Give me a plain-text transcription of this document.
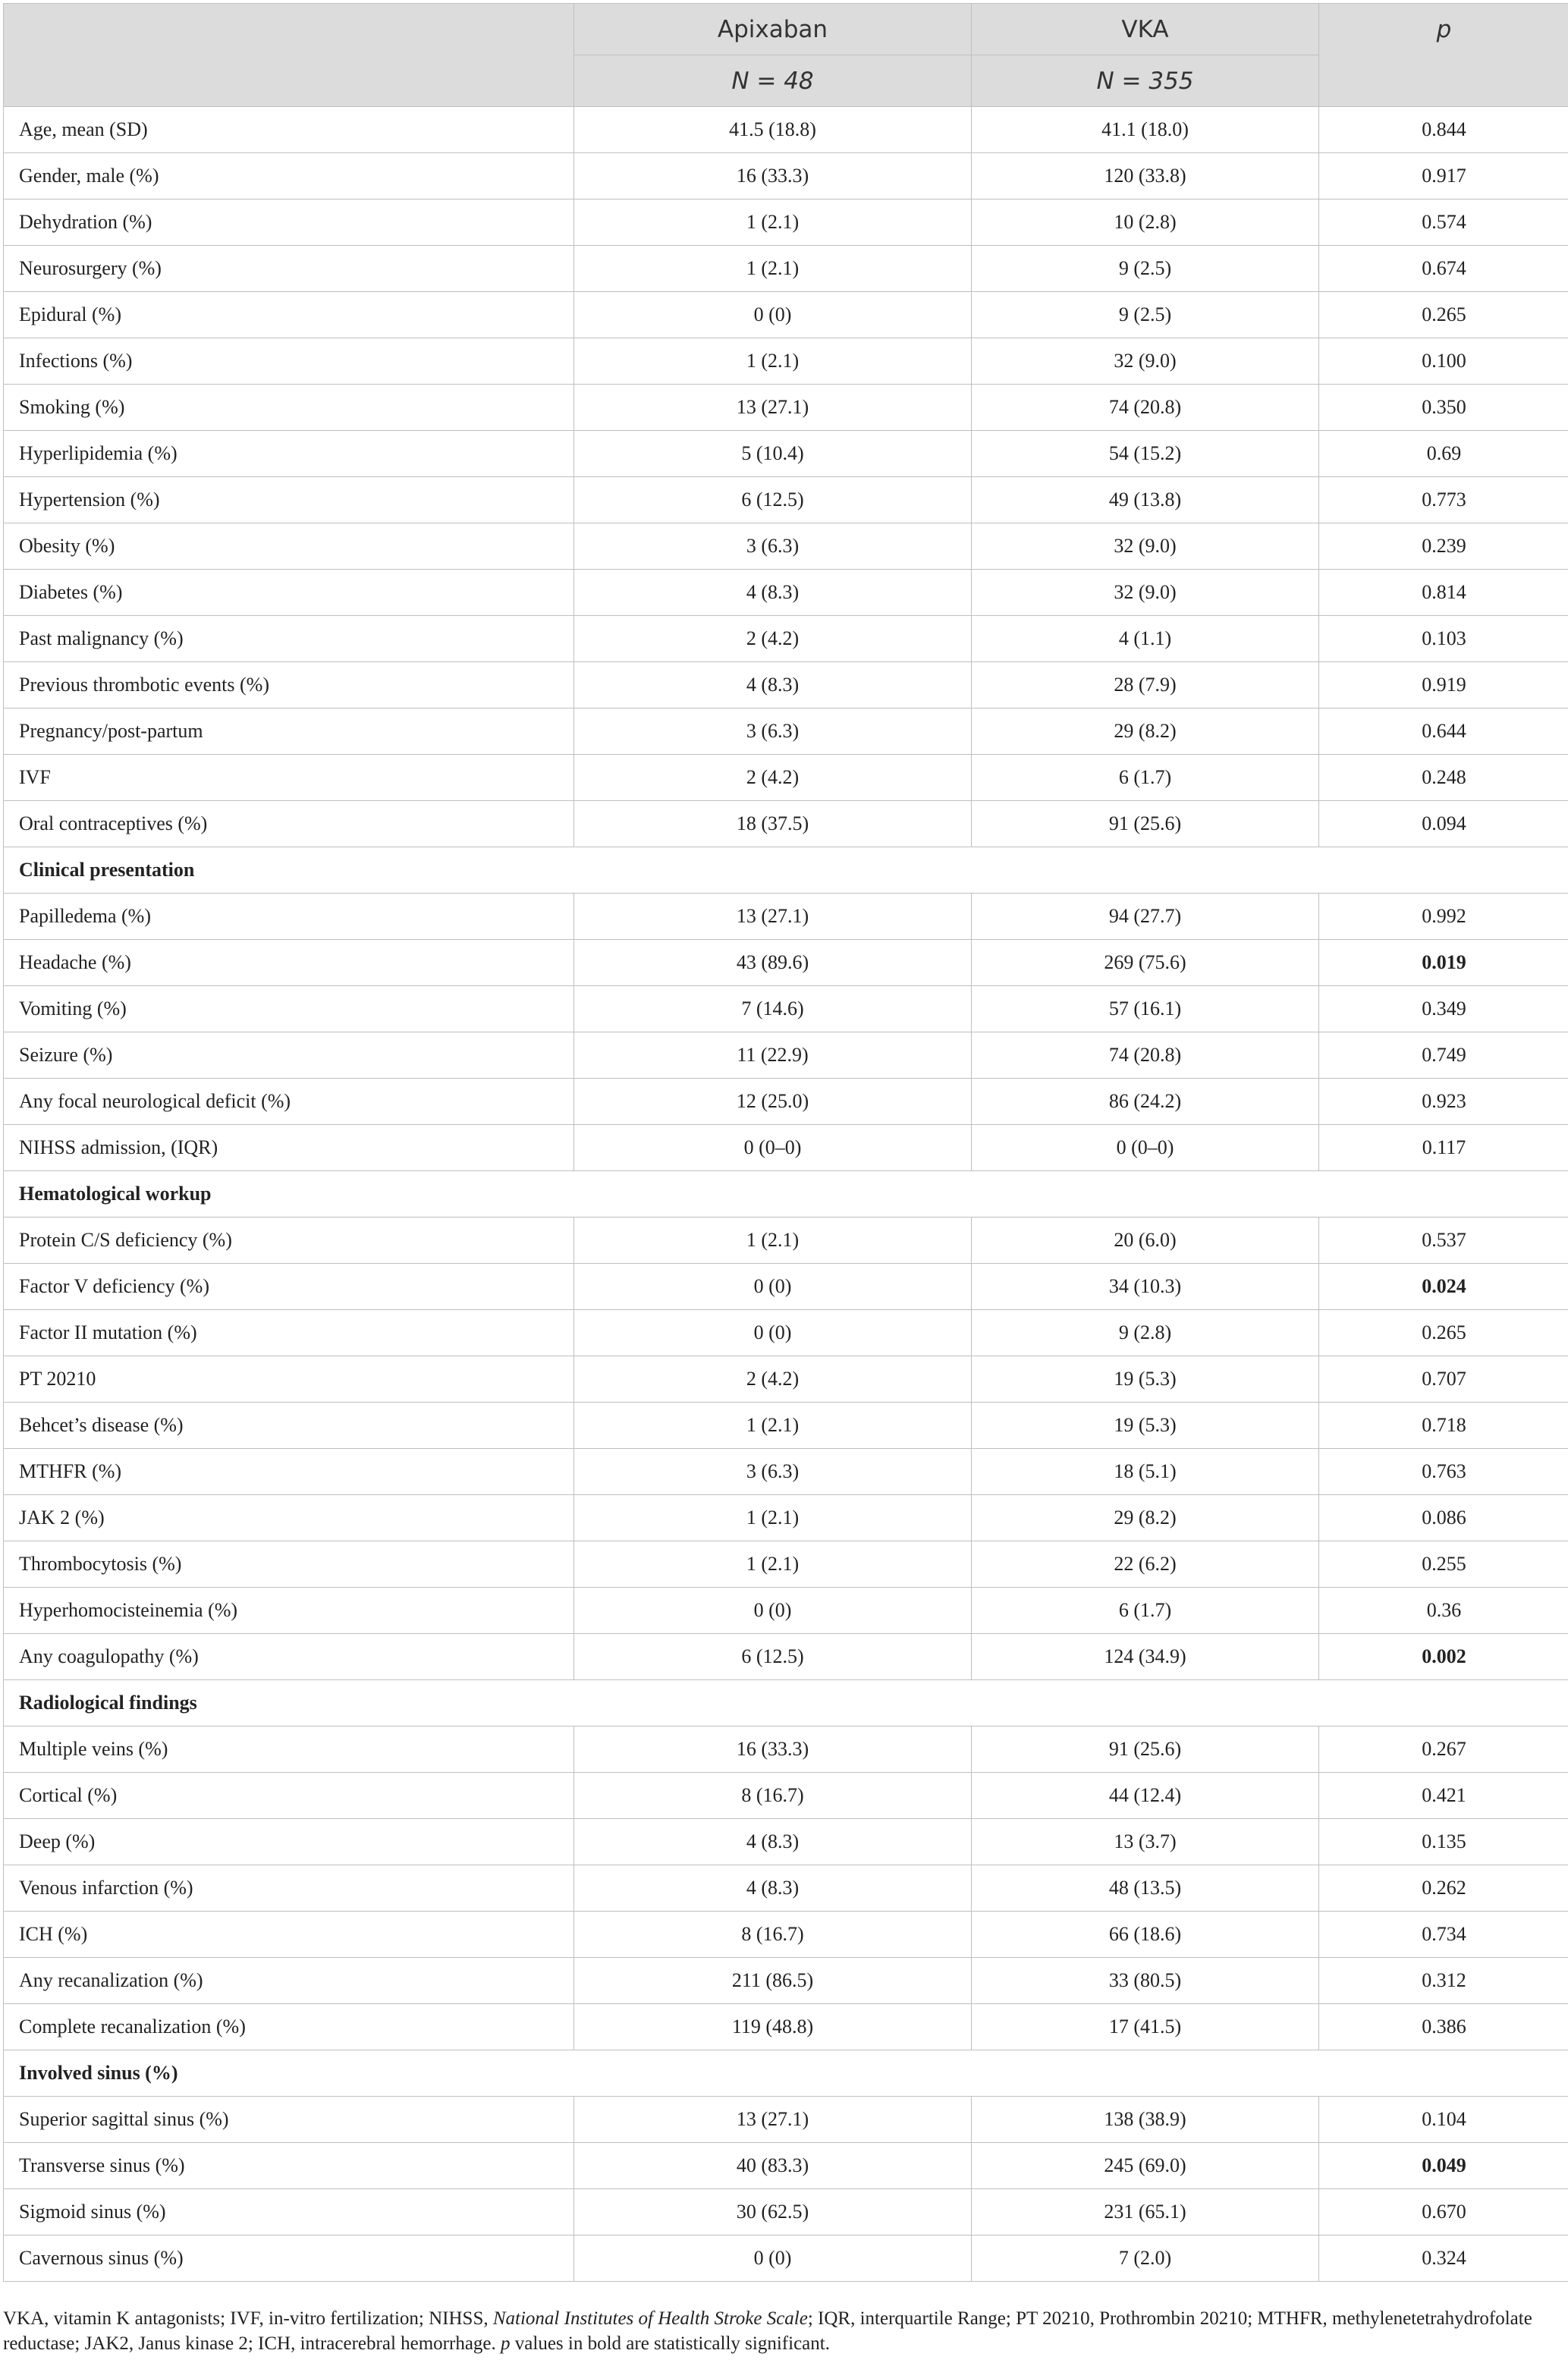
	Apixaban	VKA	p
	N = 48	N = 355	
Age, mean (SD)	41.5 (18.8)	41.1 (18.0)	0.844
Gender, male (%)	16 (33.3)	120 (33.8)	0.917
Dehydration (%)	1 (2.1)	10 (2.8)	0.574
Neurosurgery (%)	1 (2.1)	9 (2.5)	0.674
Epidural (%)	0 (0)	9 (2.5)	0.265
Infections (%)	1 (2.1)	32 (9.0)	0.100
Smoking (%)	13 (27.1)	74 (20.8)	0.350
Hyperlipidemia (%)	5 (10.4)	54 (15.2)	0.69
Hypertension (%)	6 (12.5)	49 (13.8)	0.773
Obesity (%)	3 (6.3)	32 (9.0)	0.239
Diabetes (%)	4 (8.3)	32 (9.0)	0.814
Past malignancy (%)	2 (4.2)	4 (1.1)	0.103
Previous thrombotic events (%)	4 (8.3)	28 (7.9)	0.919
Pregnancy/post-partum	3 (6.3)	29 (8.2)	0.644
IVF	2 (4.2)	6 (1.7)	0.248
Oral contraceptives (%)	18 (37.5)	91 (25.6)	0.094
Clinical presentation			
Papilledema (%)	13 (27.1)	94 (27.7)	0.992
Headache (%)	43 (89.6)	269 (75.6)	0.019
Vomiting (%)	7 (14.6)	57 (16.1)	0.349
Seizure (%)	11 (22.9)	74 (20.8)	0.749
Any focal neurological deficit (%)	12 (25.0)	86 (24.2)	0.923
NIHSS admission, (IQR)	0 (0–0)	0 (0–0)	0.117
Hematological workup			
Protein C/S deficiency (%)	1 (2.1)	20 (6.0)	0.537
Factor V deficiency (%)	0 (0)	34 (10.3)	0.024
Factor II mutation (%)	0 (0)	9 (2.8)	0.265
PT 20210	2 (4.2)	19 (5.3)	0.707
Behcet’s disease (%)	1 (2.1)	19 (5.3)	0.718
MTHFR (%)	3 (6.3)	18 (5.1)	0.763
JAK 2 (%)	1 (2.1)	29 (8.2)	0.086
Thrombocytosis (%)	1 (2.1)	22 (6.2)	0.255
Hyperhomocisteinemia (%)	0 (0)	6 (1.7)	0.36
Any coagulopathy (%)	6 (12.5)	124 (34.9)	0.002
Radiological findings			
Multiple veins (%)	16 (33.3)	91 (25.6)	0.267
Cortical (%)	8 (16.7)	44 (12.4)	0.421
Deep (%)	4 (8.3)	13 (3.7)	0.135
Venous infarction (%)	4 (8.3)	48 (13.5)	0.262
ICH (%)	8 (16.7)	66 (18.6)	0.734
Any recanalization (%)	211 (86.5)	33 (80.5)	0.312
Complete recanalization (%)	119 (48.8)	17 (41.5)	0.386
Involved sinus (%)			
Superior sagittal sinus (%)	13 (27.1)	138 (38.9)	0.104
Transverse sinus (%)	40 (83.3)	245 (69.0)	0.049
Sigmoid sinus (%)	30 (62.5)	231 (65.1)	0.670
Cavernous sinus (%)	0 (0)	7 (2.0)	0.324
VKA, vitamin K antagonists; IVF, in-vitro fertilization; NIHSS, National Institutes of Health Stroke Scale; IQR, interquartile Range; PT 20210, Prothrombin 20210; MTHFR, methylenetetrahydrofolate reductase; JAK2, Janus kinase 2; ICH, intracerebral hemorrhage. p values in bold are statistically significant.
